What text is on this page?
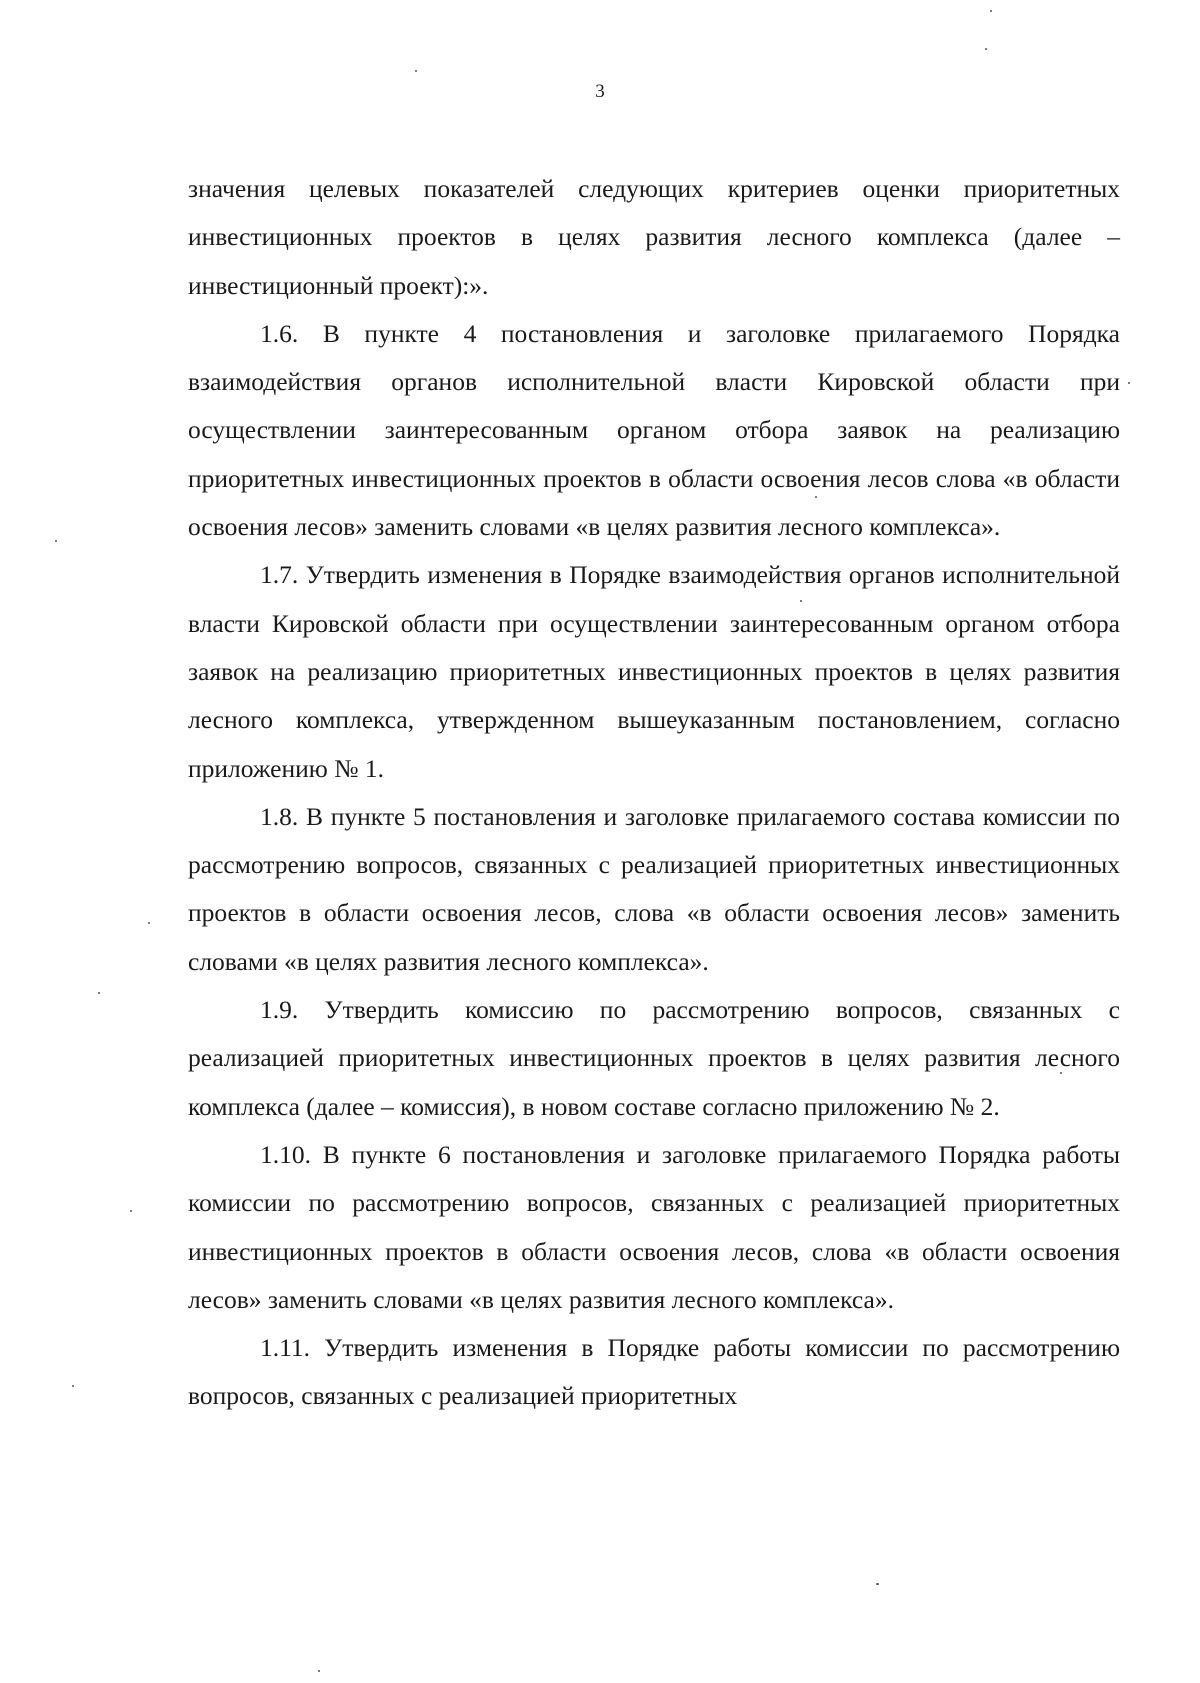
3

значения целевых показателей следующих критериев оценки приоритетных инвестиционных проектов в целях развития лесного комплекса (далее – инвестиционный проект):».

1.6. В пункте 4 постановления и заголовке прилагаемого Порядка взаимодействия органов исполнительной власти Кировской области при осуществлении заинтересованным органом отбора заявок на реализацию приоритетных инвестиционных проектов в области освоения лесов слова «в области освоения лесов» заменить словами «в целях развития лесного комплекса».

1.7. Утвердить изменения в Порядке взаимодействия органов исполнительной власти Кировской области при осуществлении заинтересованным органом отбора заявок на реализацию приоритетных инвестиционных проектов в целях развития лесного комплекса, утвержденном вышеуказанным постановлением, согласно приложению № 1.

1.8. В пункте 5 постановления и заголовке прилагаемого состава комиссии по рассмотрению вопросов, связанных с реализацией приоритетных инвестиционных проектов в области освоения лесов, слова «в области освоения лесов» заменить словами «в целях развития лесного комплекса».

1.9. Утвердить комиссию по рассмотрению вопросов, связанных с реализацией приоритетных инвестиционных проектов в целях развития лесного комплекса (далее – комиссия), в новом составе согласно приложению № 2.

1.10. В пункте 6 постановления и заголовке прилагаемого Порядка работы комиссии по рассмотрению вопросов, связанных с реализацией приоритетных инвестиционных проектов в области освоения лесов, слова «в области освоения лесов» заменить словами «в целях развития лесного комплекса».

1.11. Утвердить изменения в Порядке работы комиссии по рассмотрению вопросов, связанных с реализацией приоритетных
